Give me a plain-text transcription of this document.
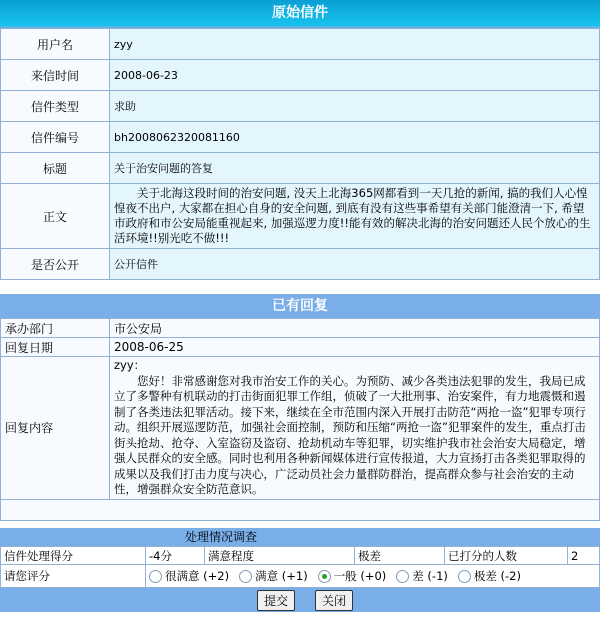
原始信件
用户名	zyy
来信时间	2008-06-23
信件类型	求助
信件编号	bh2008062320081160
标题	关于治安问题的答复
正文	关于北海这段时间的治安问题, 没天上北海365网都看到一天几抢的新闻, 搞的我们人心惶惶夜不出户, 大家都在担心自身的安全问题, 到底有没有这些事希望有关部门能澄清一下, 希望市政府和市公安局能重视起来, 加强巡逻力度!!能有效的解决北海的治安问题还人民个放心的生活环境!!别光吃不做!!!
是否公开	公开信件
已有回复
承办部门	市公安局
回复日期	2008-06-25
回复内容	zyy：
您好！非常感谢您对我市治安工作的关心。为预防、减少各类违法犯罪的发生，我局已成立了多警种有机联动的打击街面犯罪工作组，侦破了一大批刑事、治安案件，有力地震慑和遏制了各类违法犯罪活动。接下来，继续在全市范围内深入开展打击防范“两抢一盗”犯罪专项行动。组织开展巡逻防范，加强社会面控制，预防和压缩“两抢一盗”犯罪案件的发生，重点打击街头抢劫、抢夺、入室盗窃及盗窃、抢劫机动车等犯罪，切实维护我市社会治安大局稳定，增强人民群众的安全感。同时也利用各种新闻媒体进行宣传报道，大力宣扬打击各类犯罪取得的成果以及我们打击力度与决心，广泛动员社会力量群防群治，提高群众参与社会治安的主动性，增强群众安全防范意识。

处理情况调查
信件处理得分	-4分	满意程度	极差	已打分的人数	2
请您评分	很满意 (+2) 满意 (+1) 一般 (+0) 差 (-1) 极差 (-2)				
提交	关闭
